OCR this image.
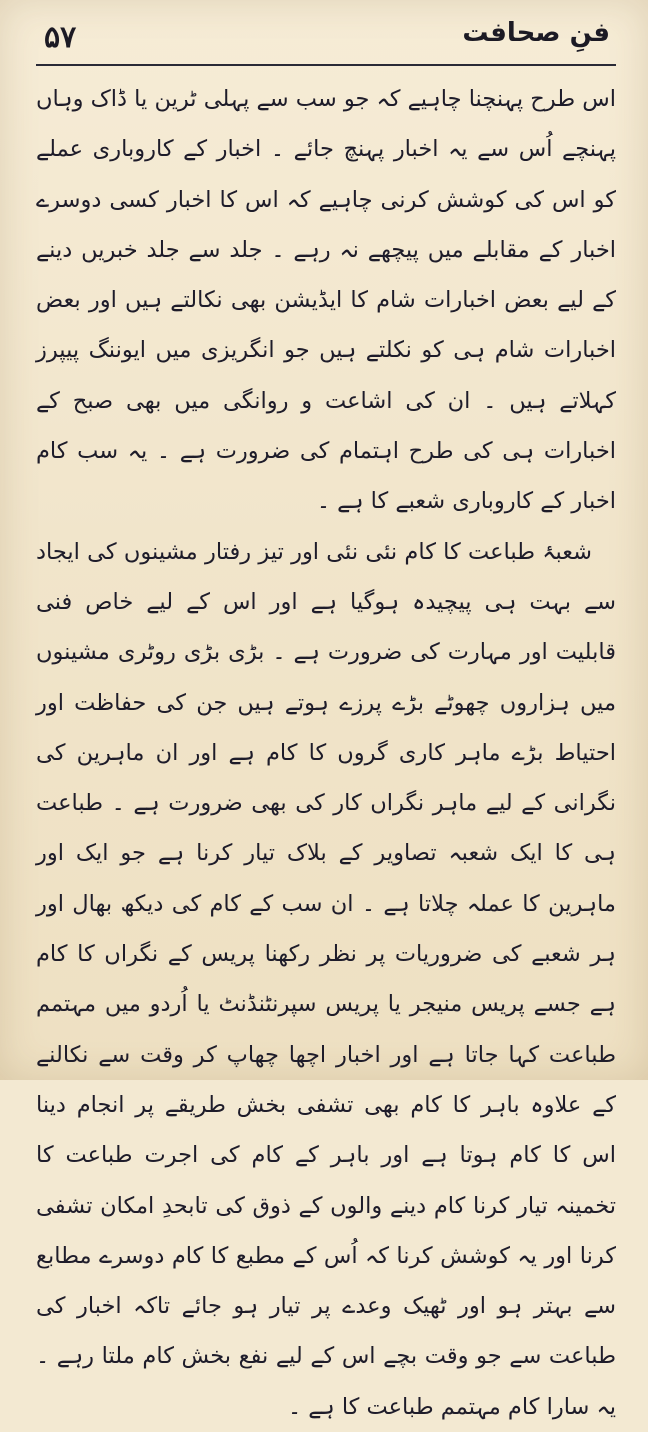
۵۷	فنِ صحافت

اس طرح پہنچنا چاہیے کہ جو سب سے پہلی ٹرین یا ڈاک وہاں پہنچے اُس سے یہ اخبار پہنچ جائے ۔ اخبار کے کاروباری عملے کو اس کی کوشش کرنی چاہیے کہ اس کا اخبار کسی دوسرے اخبار کے مقابلے میں پیچھے نہ رہے ۔ جلد سے جلد خبریں دینے کے لیے بعض اخبارات شام کا ایڈیشن بھی نکالتے ہیں اور بعض اخبارات شام ہی کو نکلتے ہیں جو انگریزی میں ایوننگ پیپرز کہلاتے ہیں ۔ ان کی اشاعت و روانگی میں بھی صبح کے اخبارات ہی کی طرح اہتمام کی ضرورت ہے ۔ یہ سب کام اخبار کے کاروباری شعبے کا ہے ۔

شعبۂ طباعت کا کام نئی نئی اور تیز رفتار مشینوں کی ایجاد سے بہت ہی پیچیدہ ہوگیا ہے اور اس کے لیے خاص فنی قابلیت اور مہارت کی ضرورت ہے ۔ بڑی بڑی روٹری مشینوں میں ہزاروں چھوٹے بڑے پرزے ہوتے ہیں جن کی حفاظت اور احتیاط بڑے ماہر کاری گروں کا کام ہے اور ان ماہرین کی نگرانی کے لیے ماہر نگراں کار کی بھی ضرورت ہے ۔ طباعت ہی کا ایک شعبہ تصاویر کے بلاک تیار کرنا ہے جو ایک اور ماہرین کا عملہ چلاتا ہے ۔ ان سب کے کام کی دیکھ بھال اور ہر شعبے کی ضروریات پر نظر رکھنا پریس کے نگراں کا کام ہے جسے پریس منیجر یا پریس سپرنٹنڈنٹ یا اُردو میں مہتمم طباعت کہا جاتا ہے اور اخبار اچھا چھاپ کر وقت سے نکالنے کے علاوہ باہر کا کام بھی تشفی بخش طریقے پر انجام دینا اس کا کام ہوتا ہے اور باہر کے کام کی اجرت طباعت کا تخمینہ تیار کرنا کام دینے والوں کے ذوق کی تابحدِ امکان تشفی کرنا اور یہ کوشش کرنا کہ اُس کے مطبع کا کام دوسرے مطابع سے بہتر ہو اور ٹھیک وعدے پر تیار ہو جائے تاکہ اخبار کی طباعت سے جو وقت بچے اس کے لیے نفع بخش کام ملتا رہے ۔ یہ سارا کام مہتمم طباعت کا ہے ۔
